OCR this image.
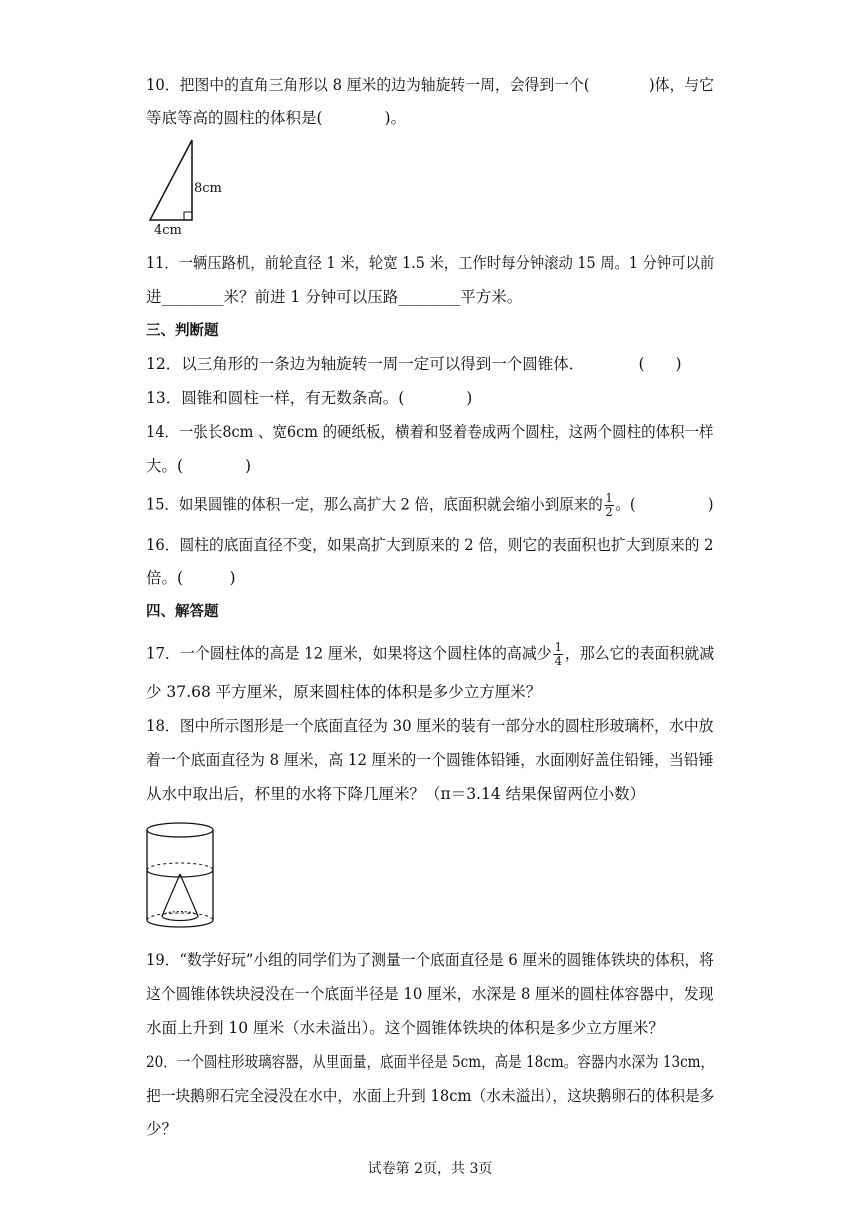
10．把图中的直角三角形以 8 厘米的边为轴旋转一周，会得到一个(　　　　)体，与它
等底等高的圆柱的体积是(　　　　)。
8cm
4cm
11．一辆压路机，前轮直径 1 米，轮宽 1.5 米，工作时每分钟滚动 15 周。1 分钟可以前
进________米？前进 1 分钟可以压路________平方米。
三、判断题
12．以三角形的一条边为轴旋转一周一定可以得到一个圆锥体．　　　　(　　)
13．圆锥和圆柱一样，有无数条高。(　　　　)
14．一张长8cm 、宽6cm 的硬纸板，横着和竖着卷成两个圆柱，这两个圆柱的体积一样
大。(　　　　)
15．如果圆锥的体积一定，那么高扩大 2 倍，底面积就会缩小到原来的 $\frac{1}{2}$ 。(　　　　　)
16．圆柱的底面直径不变，如果高扩大到原来的 2 倍，则它的表面积也扩大到原来的 2
倍。(　　　)
四、解答题
17．一个圆柱体的高是 12 厘米，如果将这个圆柱体的高减少 $\frac{1}{4}$ ，那么它的表面积就减
少 37.68 平方厘米，原来圆柱体的体积是多少立方厘米？
18．图中所示图形是一个底面直径为 30 厘米的装有一部分水的圆柱形玻璃杯，水中放
着一个底面直径为 8 厘米，高 12 厘米的一个圆锥体铅锤，水面刚好盖住铅锤，当铅锤
从水中取出后，杯里的水将下降几厘米？（π＝3.14 结果保留两位小数）
19．“数学好玩”小组的同学们为了测量一个底面直径是 6 厘米的圆锥体铁块的体积，将
这个圆锥体铁块浸没在一个底面半径是 10 厘米，水深是 8 厘米的圆柱体容器中，发现
水面上升到 10 厘米（水未溢出）。这个圆锥体铁块的体积是多少立方厘米？
20．一个圆柱形玻璃容器，从里面量，底面半径是 5cm，高是 18cm。容器内水深为 13cm，
把一块鹅卵石完全浸没在水中，水面上升到 18cm（水未溢出），这块鹅卵石的体积是多
少？
试卷第 2页，共 3页
